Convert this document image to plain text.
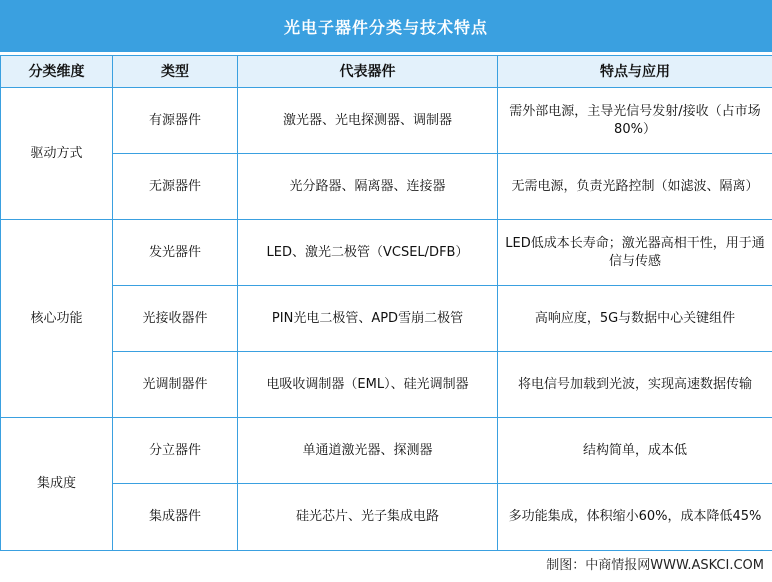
光电子器件分类与技术特点
分类维度	类型	代表器件	特点与应用
驱动方式	有源器件	激光器、光电探测器、调制器	需外部电源，主导光信号发射/接收（占市场80%）
	无源器件	光分路器、隔离器、连接器	无需电源，负责光路控制（如滤波、隔离）
核心功能	发光器件	LED、激光二极管（VCSEL/DFB）	LED低成本长寿命；激光器高相干性，用于通信与传感
	光接收器件	PIN光电二极管、APD雪崩二极管	高响应度，5G与数据中心关键组件
	光调制器件	电吸收调制器（EML）、硅光调制器	将电信号加载到光波，实现高速数据传输
集成度	分立器件	单通道激光器、探测器	结构简单，成本低
	集成器件	硅光芯片、光子集成电路	多功能集成，体积缩小60%，成本降低45%
制图：中商情报网WWW.ASKCI.COM
